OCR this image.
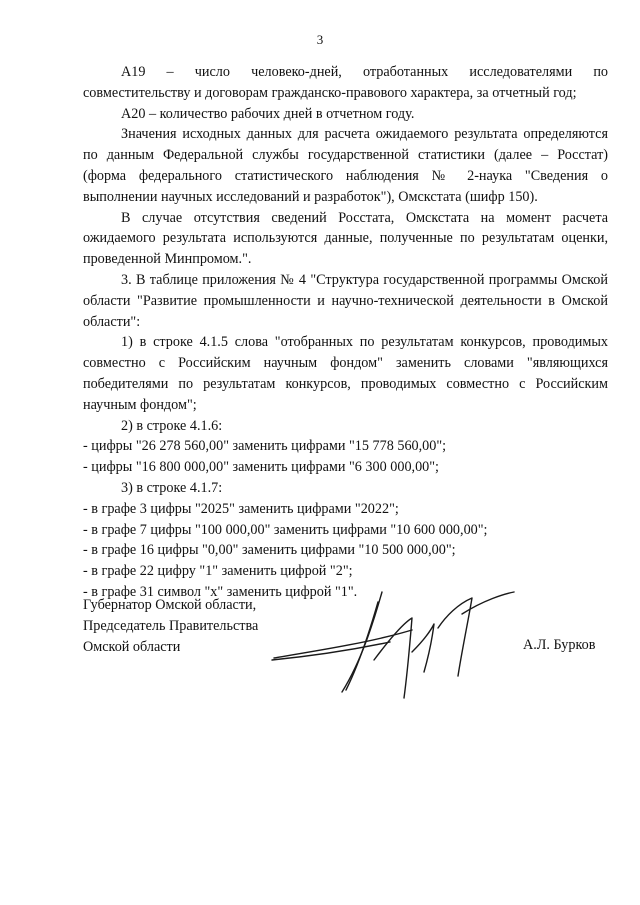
3

А19 – число человеко-дней, отработанных исследователями по совместительству и договорам гражданско-правового характера, за отчетный год;

А20 – количество рабочих дней в отчетном году.

Значения исходных данных для расчета ожидаемого результата определяются по данным Федеральной службы государственной статистики (далее – Росстат) (форма федерального статистического наблюдения № 2-наука "Сведения о выполнении научных исследований и разработок"), Омскстата (шифр 150).

В случае отсутствия сведений Росстата, Омскстата на момент расчета ожидаемого результата используются данные, полученные по результатам оценки, проведенной Минпромом.".

3. В таблице приложения № 4 "Структура государственной программы Омской области "Развитие промышленности и научно-технической деятельности в Омской области":

1) в строке 4.1.5 слова "отобранных по результатам конкурсов, проводимых совместно с Российским научным фондом" заменить словами "являющихся победителями по результатам конкурсов, проводимых совместно с Российским научным фондом";

2) в строке 4.1.6:

- цифры "26 278 560,00" заменить цифрами "15 778 560,00";

- цифры "16 800 000,00" заменить цифрами "6 300 000,00";

3) в строке 4.1.7:

- в графе 3 цифры "2025" заменить цифрами "2022";

- в графе 7 цифры "100 000,00" заменить цифрами "10 600 000,00";

- в графе 16 цифры "0,00" заменить цифрами "10 500 000,00";

- в графе 22 цифру "1" заменить цифрой "2";

- в графе 31 символ "х" заменить цифрой "1".

Губернатор Омской области,
Председатель Правительства
Омской области	А.Л. Бурков
